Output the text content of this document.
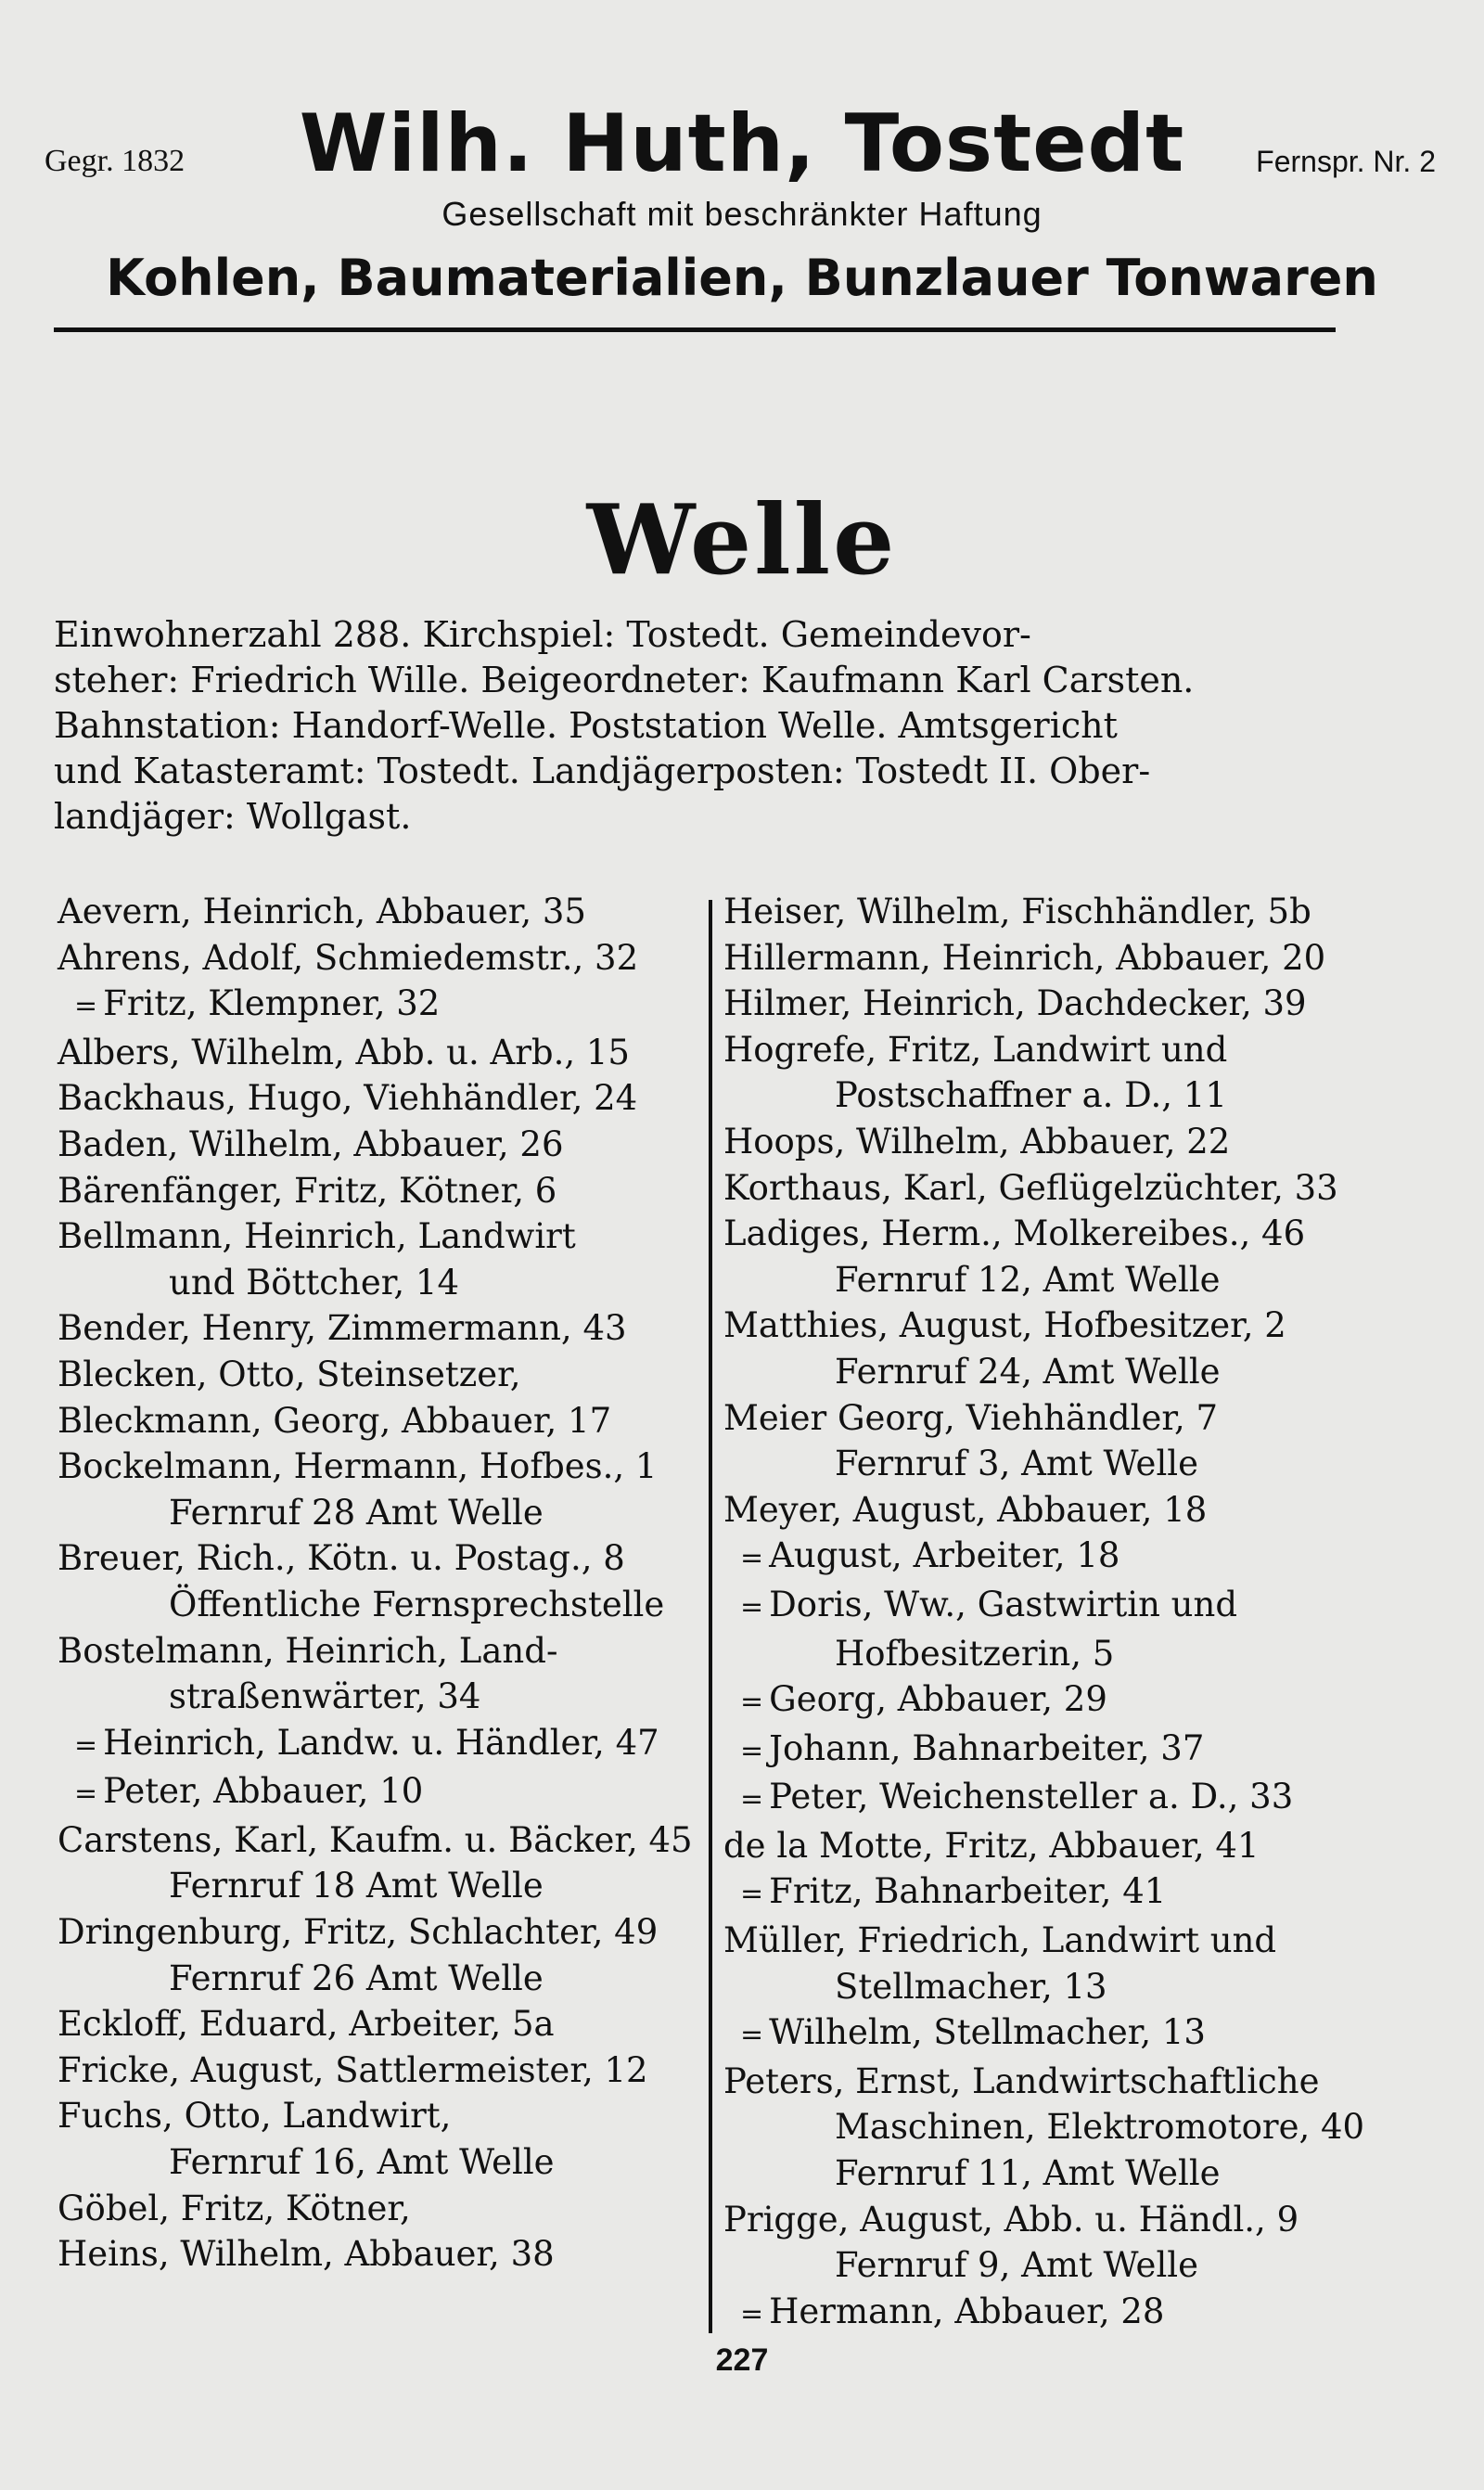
Gegr. 1832	Wilh. Huth, Tostedt	Fernspr. Nr. 2
Gesellschaft mit beschränkter Haftung
Kohlen, Baumaterialien, Bunzlauer Tonwaren
Welle
Einwohnerzahl 288. Kirchspiel: Tostedt. Gemeindevor-
steher: Friedrich Wille. Beigeordneter: Kaufmann Karl Carsten.
Bahnstation: Handorf-Welle. Poststation Welle. Amtsgericht
und Katasteramt: Tostedt. Landjägerposten: Tostedt II. Ober-
landjäger: Wollgast.
Aevern, Heinrich, Abbauer, 35
Ahrens, Adolf, Schmiedemstr., 32
= Fritz, Klempner, 32
Albers, Wilhelm, Abb. u. Arb., 15
Backhaus, Hugo, Viehhändler, 24
Baden, Wilhelm, Abbauer, 26
Bärenfänger, Fritz, Kötner, 6
Bellmann, Heinrich, Landwirt
und Böttcher, 14
Bender, Henry, Zimmermann, 43
Blecken, Otto, Steinsetzer,
Bleckmann, Georg, Abbauer, 17
Bockelmann, Hermann, Hofbes., 1
Fernruf 28 Amt Welle
Breuer, Rich., Kötn. u. Postag., 8
Öffentliche Fernsprechstelle
Bostelmann, Heinrich, Land-
straßenwärter, 34
= Heinrich, Landw. u. Händler, 47
= Peter, Abbauer, 10
Carstens, Karl, Kaufm. u. Bäcker, 45
Fernruf 18 Amt Welle
Dringenburg, Fritz, Schlachter, 49
Fernruf 26 Amt Welle
Eckloff, Eduard, Arbeiter, 5a
Fricke, August, Sattlermeister, 12
Fuchs, Otto, Landwirt,
Fernruf 16, Amt Welle
Göbel, Fritz, Kötner,
Heins, Wilhelm, Abbauer, 38
Heiser, Wilhelm, Fischhändler, 5b
Hillermann, Heinrich, Abbauer, 20
Hilmer, Heinrich, Dachdecker, 39
Hogrefe, Fritz, Landwirt und
Postschaffner a. D., 11
Hoops, Wilhelm, Abbauer, 22
Korthaus, Karl, Geflügelzüchter, 33
Ladiges, Herm., Molkereibes., 46
Fernruf 12, Amt Welle
Matthies, August, Hofbesitzer, 2
Fernruf 24, Amt Welle
Meier Georg, Viehhändler, 7
Fernruf 3, Amt Welle
Meyer, August, Abbauer, 18
= August, Arbeiter, 18
= Doris, Ww., Gastwirtin und
Hofbesitzerin, 5
= Georg, Abbauer, 29
= Johann, Bahnarbeiter, 37
= Peter, Weichensteller a. D., 33
de la Motte, Fritz, Abbauer, 41
= Fritz, Bahnarbeiter, 41
Müller, Friedrich, Landwirt und
Stellmacher, 13
= Wilhelm, Stellmacher, 13
Peters, Ernst, Landwirtschaftliche
Maschinen, Elektromotore, 40
Fernruf 11, Amt Welle
Prigge, August, Abb. u. Händl., 9
Fernruf 9, Amt Welle
= Hermann, Abbauer, 28
227
